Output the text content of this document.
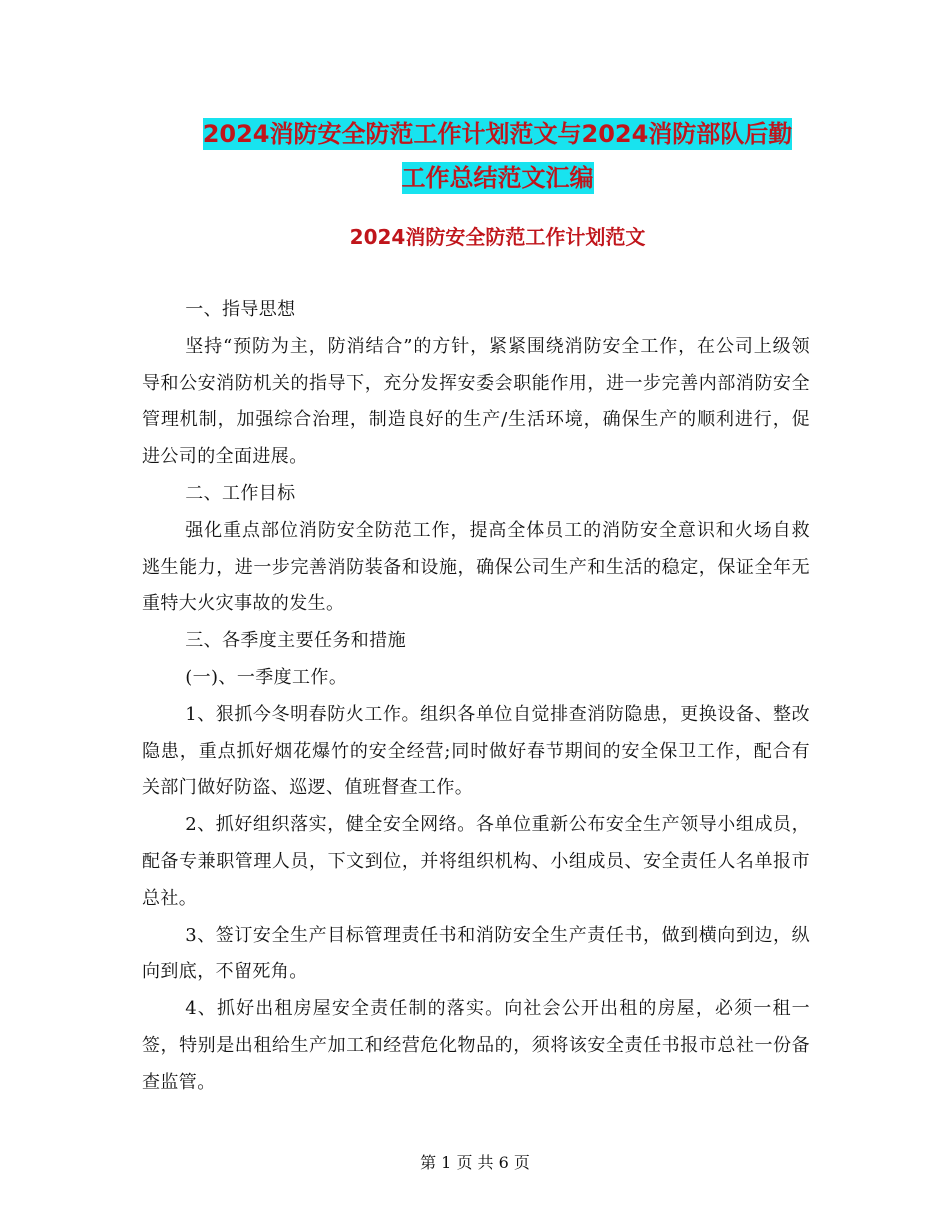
2024消防安全防范工作计划范文与2024消防部队后勤
工作总结范文汇编
2024消防安全防范工作计划范文

一、指导思想

坚持“预防为主，防消结合”的方针，紧紧围绕消防安全工作，在公司上级领导和公安消防机关的指导下，充分发挥安委会职能作用，进一步完善内部消防安全管理机制，加强综合治理，制造良好的生产/生活环境，确保生产的顺利进行，促进公司的全面进展。

二、工作目标

强化重点部位消防安全防范工作，提高全体员工的消防安全意识和火场自救逃生能力，进一步完善消防装备和设施，确保公司生产和生活的稳定，保证全年无重特大火灾事故的发生。

三、各季度主要任务和措施

(一)、一季度工作。

1、狠抓今冬明春防火工作。组织各单位自觉排查消防隐患，更换设备、整改隐患，重点抓好烟花爆竹的安全经营;同时做好春节期间的安全保卫工作，配合有关部门做好防盗、巡逻、值班督查工作。

2、抓好组织落实，健全安全网络。各单位重新公布安全生产领导小组成员，配备专兼职管理人员，下文到位，并将组织机构、小组成员、安全责任人名单报市总社。

3、签订安全生产目标管理责任书和消防安全生产责任书，做到横向到边，纵向到底，不留死角。

4、抓好出租房屋安全责任制的落实。向社会公开出租的房屋，必须一租一签，特别是出租给生产加工和经营危化物品的，须将该安全责任书报市总社一份备查监管。

第 1 页 共 6 页
